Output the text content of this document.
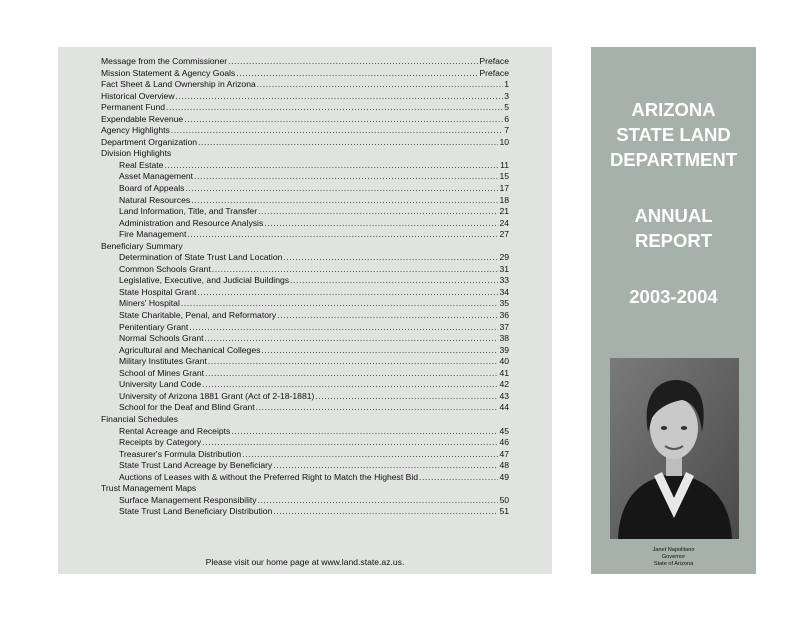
Message from the Commissioner .....	Preface
Mission Statement & Agency Goals .....	Preface
Fact Sheet & Land Ownership in Arizona .....	1
Historical Overview .....	3
Permanent Fund .....	5
Expendable Revenue .....	6
Agency Highlights .....	7
Department Organization .....	10
Division Highlights
Real Estate .....	11
Asset Management .....	15
Board of Appeals .....	17
Natural Resources .....	18
Land Information, Title, and Transfer .....	21
Administration and Resource Analysis .....	24
Fire Management .....	27
Beneficiary Summary
Determination of State Trust Land Location .....	29
Common Schools Grant .....	31
Legislative, Executive, and Judicial Buildings .....	33
State Hospital Grant .....	34
Miners' Hospital .....	35
State Charitable, Penal, and Reformatory .....	36
Penitentiary Grant .....	37
Normal Schools Grant .....	38
Agricultural and Mechanical Colleges .....	39
Military Institutes Grant .....	40
School of Mines Grant .....	41
University Land Code .....	42
University of Arizona 1881 Grant (Act of 2-18-1881) .....	43
School for the Deaf and Blind Grant .....	44
Financial Schedules
Rental Acreage and Receipts .....	45
Receipts by Category .....	46
Treasurer's Formula Distribution .....	47
State Trust Land Acreage by Beneficiary .....	48
Auctions of Leases with & without the Preferred Right to Match the Highest Bid .....	49
Trust Management Maps
Surface Management Responsibility .....	50
State Trust Land Beneficiary Distribution .....	51
Please visit our home page at www.land.state.az.us.
ARIZONA
STATE LAND
DEPARTMENT
ANNUAL
REPORT
2003-2004
Janet Napolitano
Governor
State of Arizona
